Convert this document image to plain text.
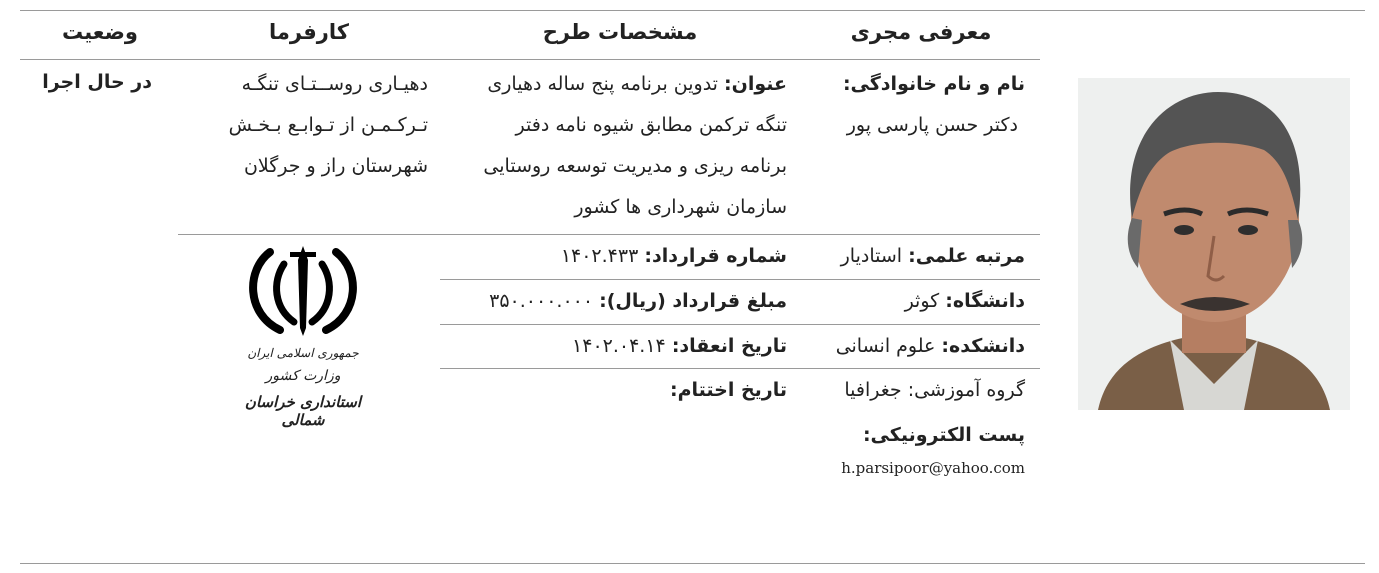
معرفی مجری
مشخصات طرح
کارفرما
وضعیت
نام و نام خانوادگی:
دکتر حسن پارسی پور
مرتبه علمی: استادیار
دانشگاه: کوثر
دانشکده: علوم انسانی
گروه آموزشی: جغرافیا
پست الکترونیکی:
h.parsipoor@yahoo.com
عنوان: تدوین برنامه پنج ساله دهیاری
تنگه ترکمن مطابق شیوه نامه دفتر
برنامه ریزی و مدیریت توسعه روستایی
سازمان شهرداری ها کشور
شماره قرارداد: ۱۴۰۲.۴۳۳
مبلغ قرارداد (ریال): ۳۵۰.۰۰۰.۰۰۰
تاریخ انعقاد: ۱۴۰۲.۰۴.۱۴
تاریخ اختتام:
دهیـاری روســتـای تنگـه
تـرکـمـن از تـوابـع بـخـش
شهرستان راز و جرگلان
جمهوری اسلامی ایران
وزارت کشور
استانداری خراسان شمالی
در حال اجرا
